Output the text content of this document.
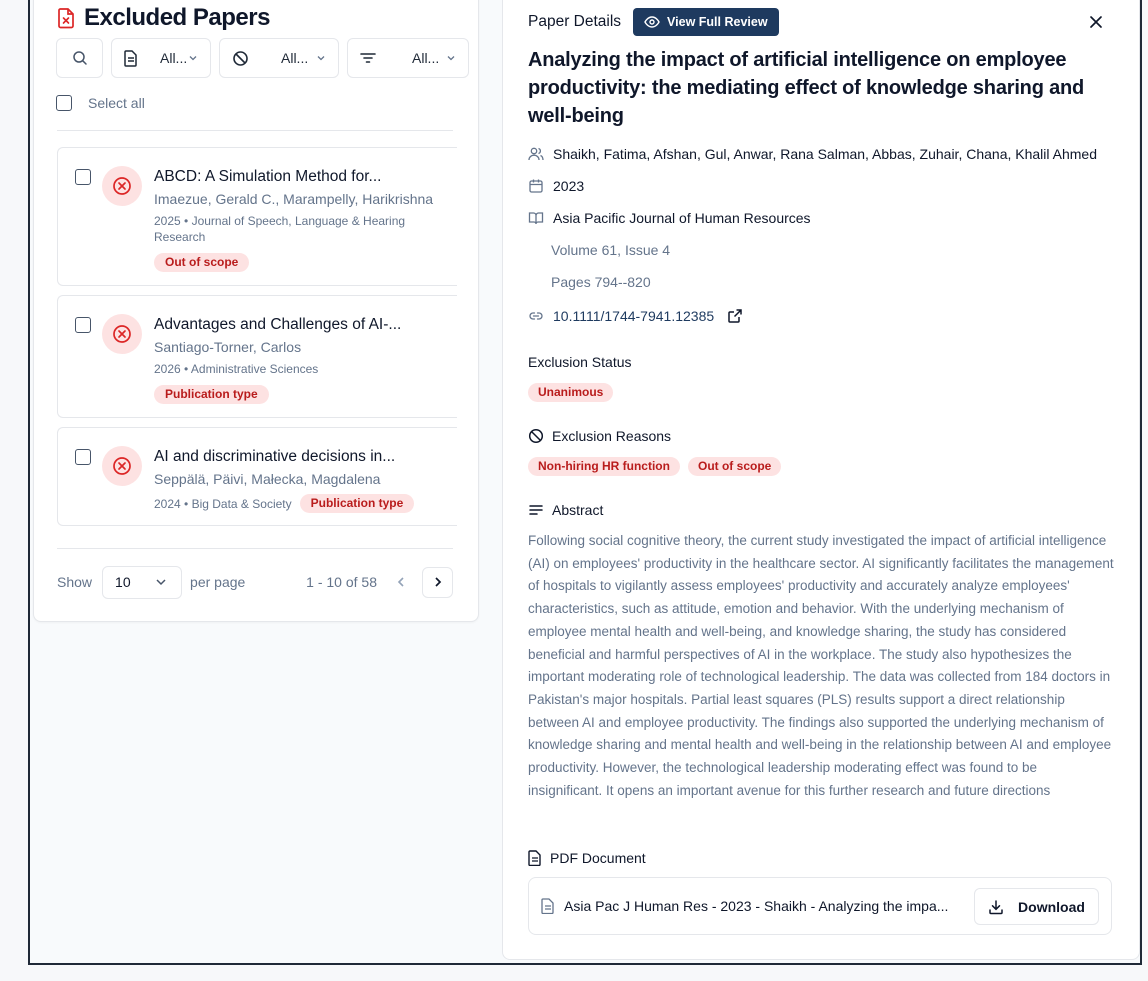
Excluded Papers
All...	All...	All...
Select all
ABCD: A Simulation Method for...
Imaezue, Gerald C., Marampelly, Harikrishna
2025 • Journal of Speech, Language & Hearing
Research
Out of scope
Advantages and Challenges of AI-...
Santiago-Torner, Carlos
2026 • Administrative Sciences
Publication type
AI and discriminative decisions in...
Seppälä, Päivi, Małecka, Magdalena
2024 • Big Data & Society	Publication type
Show 10	per page	1 - 10 of 58
Paper Details	View Full Review
Analyzing the impact of artificial intelligence on employee productivity: the mediating effect of knowledge sharing and well-being
Shaikh, Fatima, Afshan, Gul, Anwar, Rana Salman, Abbas, Zuhair, Chana, Khalil Ahmed
2023
Asia Pacific Journal of Human Resources
Volume 61, Issue 4
Pages 794--820
10.1111/1744-7941.12385
Exclusion Status
Unanimous
Exclusion Reasons
Non-hiring HR function	Out of scope
Abstract
Following social cognitive theory, the current study investigated the impact of artificial intelligence (AI) on employees' productivity in the healthcare sector. AI significantly facilitates the management of hospitals to vigilantly assess employees' productivity and accurately analyze employees' characteristics, such as attitude, emotion and behavior. With the underlying mechanism of employee mental health and well-being, and knowledge sharing, the study has considered beneficial and harmful perspectives of AI in the workplace. The study also hypothesizes the important moderating role of technological leadership. The data was collected from 184 doctors in Pakistan's major hospitals. Partial least squares (PLS) results support a direct relationship between AI and employee productivity. The findings also supported the underlying mechanism of knowledge sharing and mental health and well-being in the relationship between AI and employee productivity. However, the technological leadership moderating effect was found to be insignificant. It opens an important avenue for this further research and future directions
PDF Document
Asia Pac J Human Res - 2023 - Shaikh - Analyzing the impa...	Download
